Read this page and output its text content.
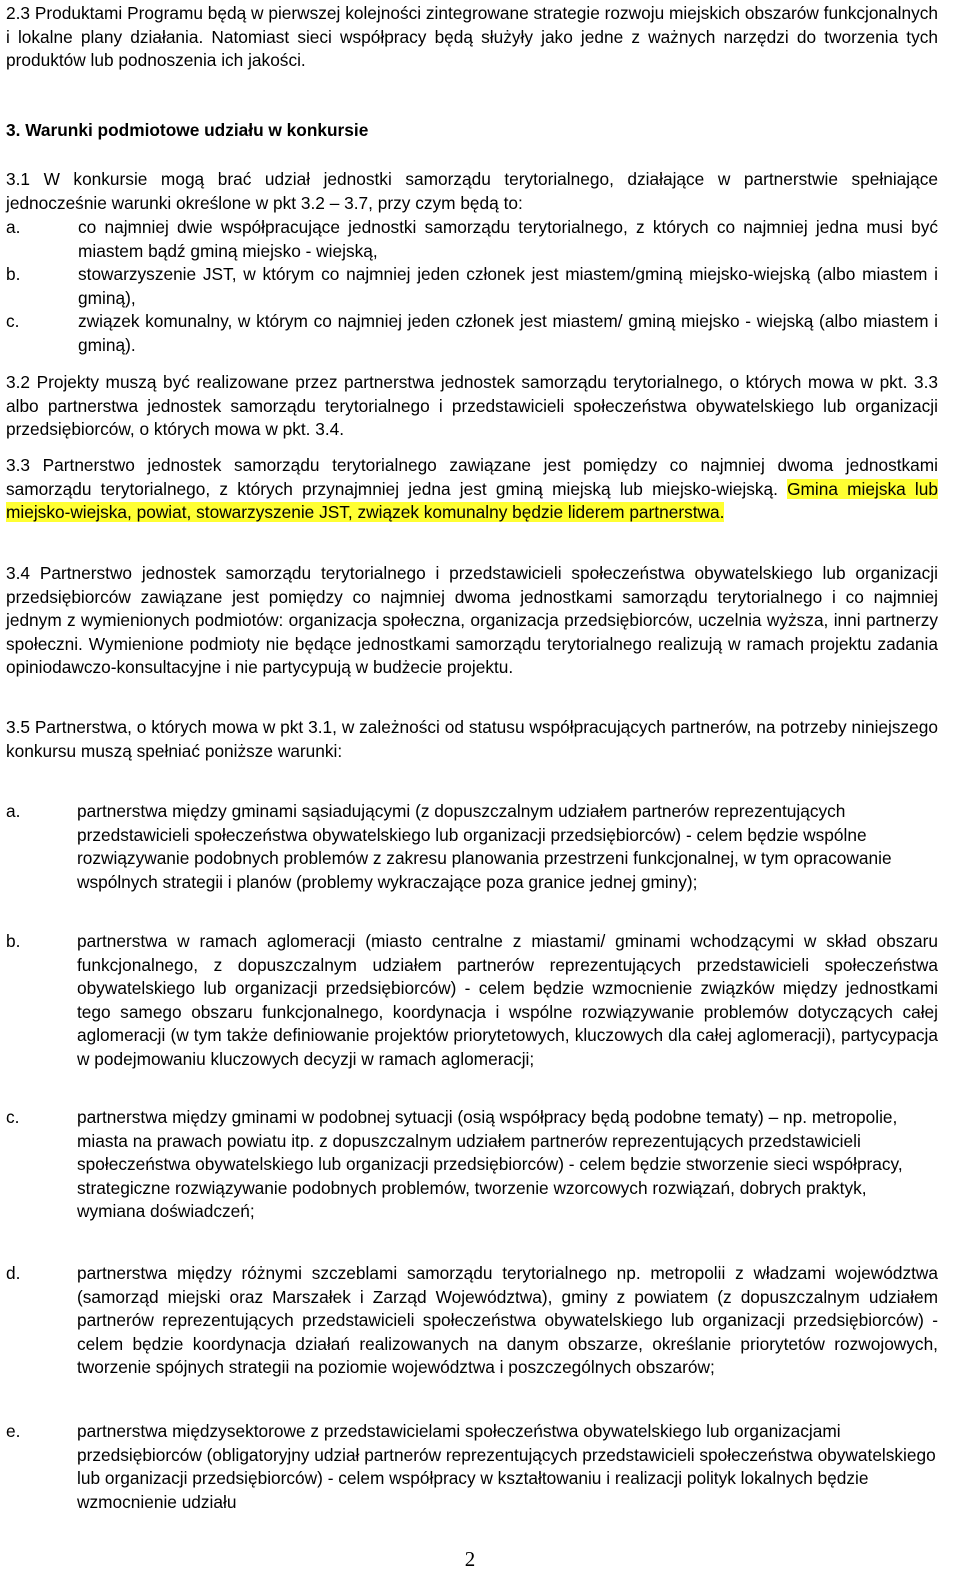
2.3 Produktami Programu będą w pierwszej kolejności zintegrowane strategie rozwoju miejskich obszarów funkcjonalnych i lokalne plany działania. Natomiast sieci współpracy będą służyły jako jedne z ważnych narzędzi do tworzenia tych produktów lub podnoszenia ich jakości.

3. Warunki podmiotowe udziału w konkursie

3.1 W konkursie mogą brać udział jednostki samorządu terytorialnego, działające w partnerstwie spełniające jednocześnie warunki określone w pkt 3.2 – 3.7, przy czym będą to:

a.	co najmniej dwie współpracujące jednostki samorządu terytorialnego, z których co najmniej jedna musi być miastem bądź gminą miejsko - wiejską,
b.	stowarzyszenie JST, w którym co najmniej jeden członek jest miastem/gminą miejsko-wiejską (albo miastem i gminą),
c.	związek komunalny, w którym co najmniej jeden członek jest miastem/ gminą miejsko - wiejską (albo miastem i gminą).

3.2 Projekty muszą być realizowane przez partnerstwa jednostek samorządu terytorialnego, o których mowa w pkt. 3.3 albo partnerstwa jednostek samorządu terytorialnego i przedstawicieli społeczeństwa obywatelskiego lub organizacji przedsiębiorców, o których mowa w pkt. 3.4.

3.3 Partnerstwo jednostek samorządu terytorialnego zawiązane jest pomiędzy co najmniej dwoma jednostkami samorządu terytorialnego, z których przynajmniej jedna jest gminą miejską lub miejsko-wiejską. Gmina miejska lub miejsko-wiejska, powiat, stowarzyszenie JST, związek komunalny będzie liderem partnerstwa.

3.4 Partnerstwo jednostek samorządu terytorialnego i przedstawicieli społeczeństwa obywatelskiego lub organizacji przedsiębiorców zawiązane jest pomiędzy co najmniej dwoma jednostkami samorządu terytorialnego i co najmniej jednym z wymienionych podmiotów: organizacja społeczna, organizacja przedsiębiorców, uczelnia wyższa, inni partnerzy społeczni. Wymienione podmioty nie będące jednostkami samorządu terytorialnego realizują w ramach projektu zadania opiniodawczo-konsultacyjne i nie partycypują w budżecie projektu.

3.5 Partnerstwa, o których mowa w pkt 3.1, w zależności od statusu współpracujących partnerów, na potrzeby niniejszego konkursu muszą spełniać poniższe warunki:

a.	partnerstwa między gminami sąsiadującymi (z dopuszczalnym udziałem partnerów reprezentujących przedstawicieli społeczeństwa obywatelskiego lub organizacji przedsiębiorców) - celem będzie wspólne rozwiązywanie podobnych problemów z zakresu planowania przestrzeni funkcjonalnej, w tym opracowanie wspólnych strategii i planów (problemy wykraczające poza granice jednej gminy);
b.	partnerstwa w ramach aglomeracji (miasto centralne z miastami/ gminami wchodzącymi w skład obszaru funkcjonalnego, z dopuszczalnym udziałem partnerów reprezentujących przedstawicieli społeczeństwa obywatelskiego lub organizacji przedsiębiorców) - celem będzie wzmocnienie związków między jednostkami tego samego obszaru funkcjonalnego, koordynacja i wspólne rozwiązywanie problemów dotyczących całej aglomeracji (w tym także definiowanie projektów priorytetowych, kluczowych dla całej aglomeracji), partycypacja w podejmowaniu kluczowych decyzji w ramach aglomeracji;
c.	partnerstwa między gminami w podobnej sytuacji (osią współpracy będą podobne tematy) – np. metropolie, miasta na prawach powiatu itp. z dopuszczalnym udziałem partnerów reprezentujących przedstawicieli społeczeństwa obywatelskiego lub organizacji przedsiębiorców) - celem będzie stworzenie sieci współpracy, strategiczne rozwiązywanie podobnych problemów, tworzenie wzorcowych rozwiązań, dobrych praktyk, wymiana doświadczeń;
d.	partnerstwa między różnymi szczeblami samorządu terytorialnego np. metropolii z władzami województwa (samorząd miejski oraz Marszałek i Zarząd Województwa), gminy z powiatem (z dopuszczalnym udziałem partnerów reprezentujących przedstawicieli społeczeństwa obywatelskiego lub organizacji przedsiębiorców) - celem będzie koordynacja działań realizowanych na danym obszarze, określanie priorytetów rozwojowych, tworzenie spójnych strategii na poziomie województwa i poszczególnych obszarów;
e.	partnerstwa międzysektorowe z przedstawicielami społeczeństwa obywatelskiego lub organizacjami przedsiębiorców (obligatoryjny udział partnerów reprezentujących przedstawicieli społeczeństwa obywatelskiego lub organizacji przedsiębiorców) - celem współpracy w kształtowaniu i realizacji polityk lokalnych będzie wzmocnienie udziału
2
